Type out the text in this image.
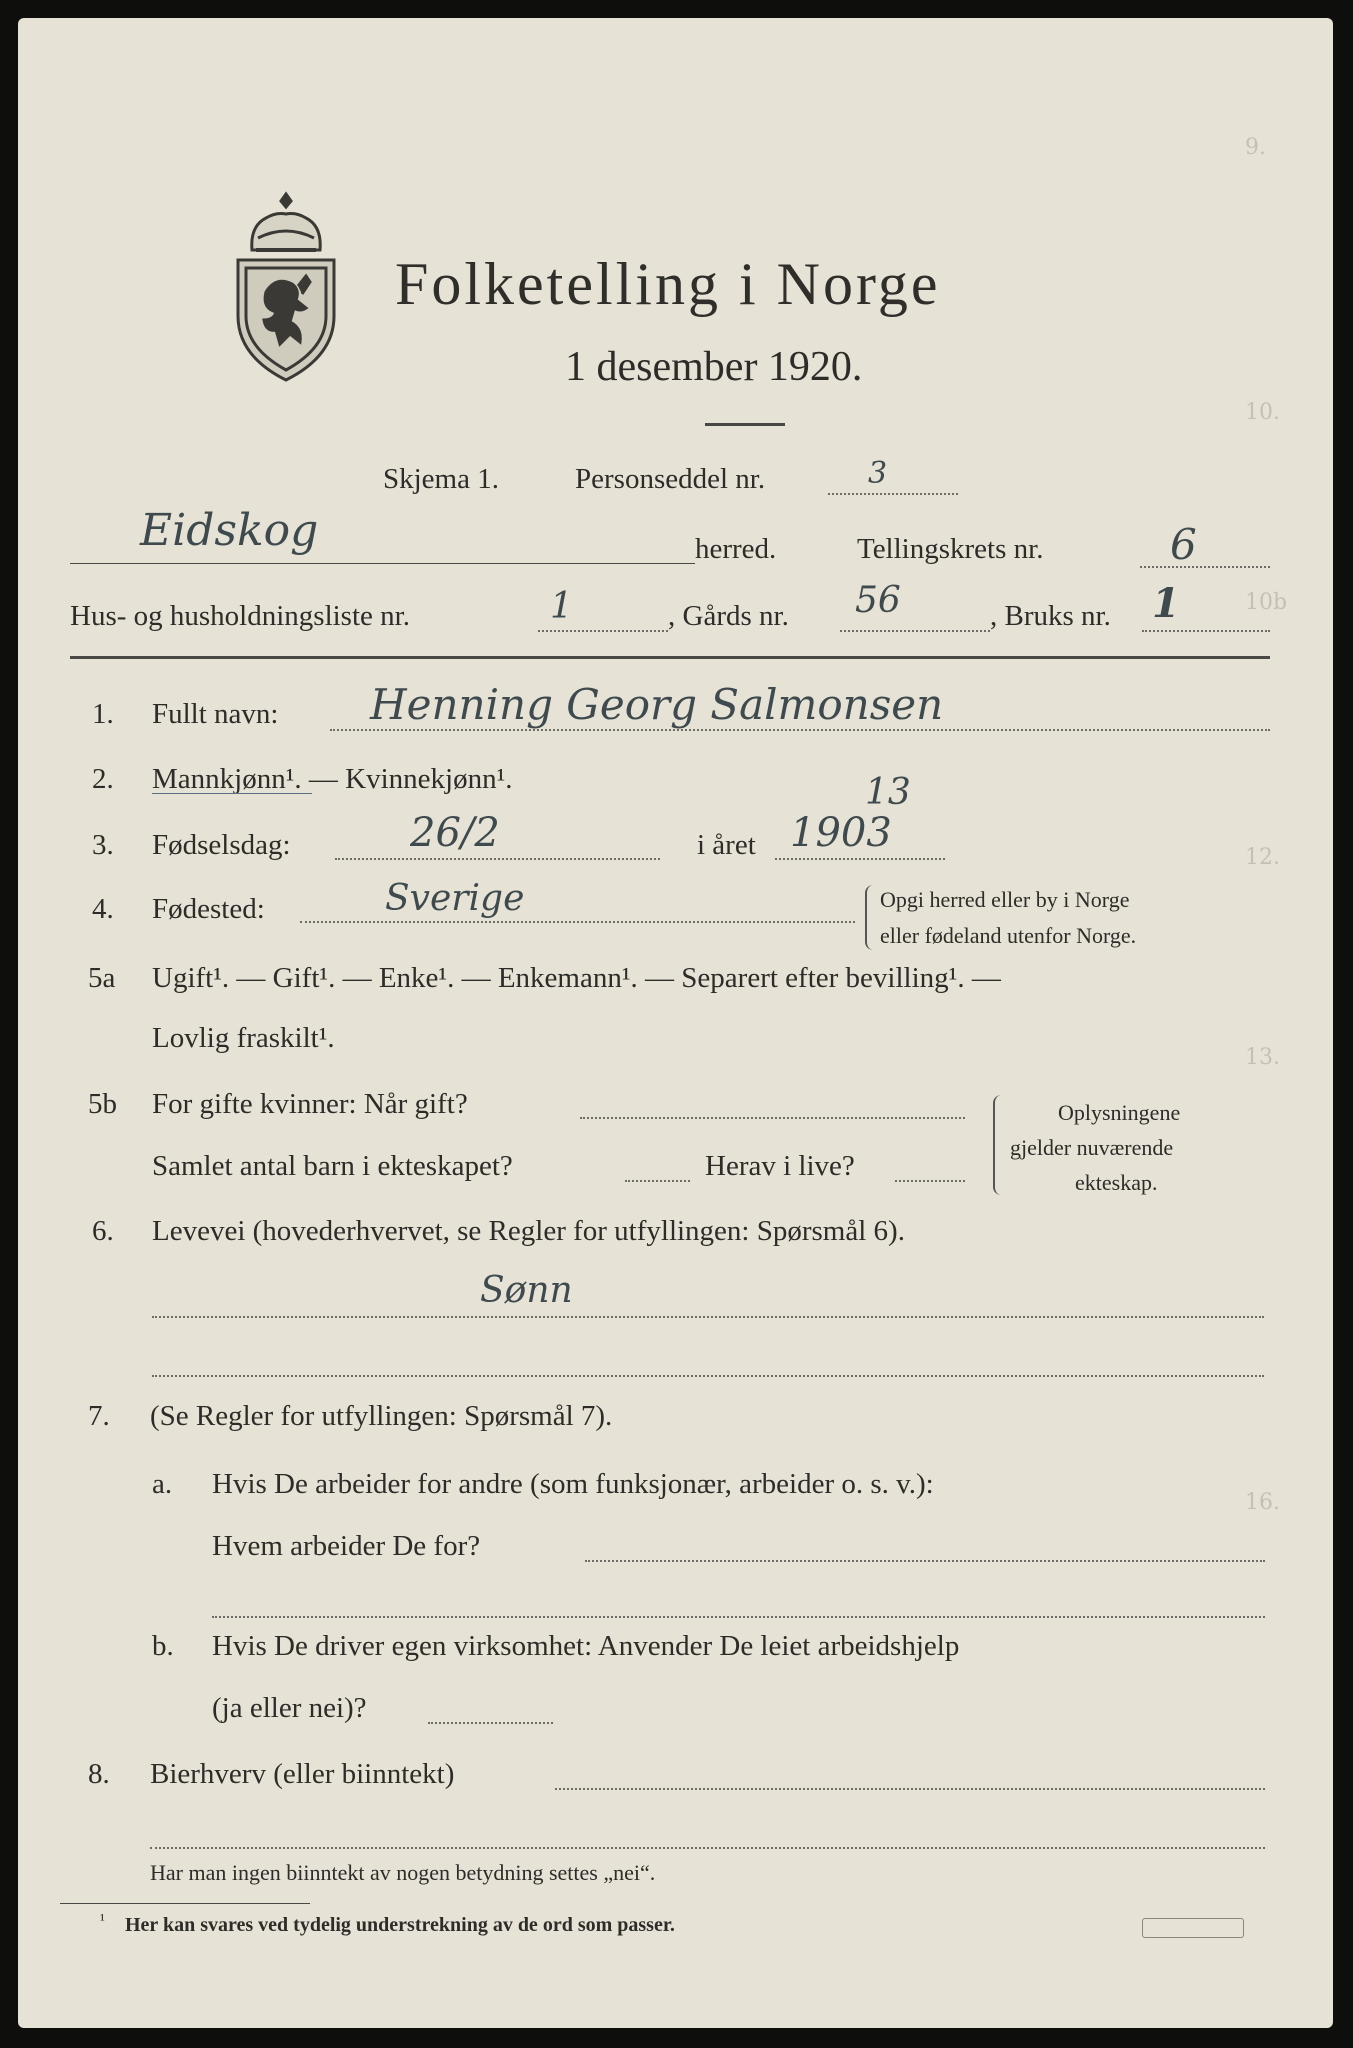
9.
10.
10b
12.
13.
16.
Folketelling i Norge
1 desember 1920.
Skjema 1.	Personseddel nr.	3
Eidskog	herred.	Tellingskrets nr.	6
Hus- og husholdningsliste nr.	1	, Gårds nr. 56	, Bruks nr. 1
1. Fullt navn: Henning Georg Salmonsen
2. Mannkjønn¹. — Kvinnekjønn¹.
3. Fødselsdag:	26/2	i året 1903
13
4. Fødested:	Sverige	Opgi herred eller by i Norge
eller fødeland utenfor Norge.
5a Ugift¹. — Gift¹. — Enke¹. — Enkemann¹. — Separert efter bevilling¹. —
Lovlig fraskilt¹.
5b For gifte kvinner: Når gift?
Samlet antal barn i ekteskapet?	Herav i live?
Oplysningene
gjelder nuværende
ekteskap.
6. Levevei (hovederhvervet, se Regler for utfyllingen: Spørsmål 6).
Sønn
7. (Se Regler for utfyllingen: Spørsmål 7).
a. Hvis De arbeider for andre (som funksjonær, arbeider o. s. v.):
Hvem arbeider De for?
b. Hvis De driver egen virksomhet: Anvender De leiet arbeidshjelp
(ja eller nei)?
8. Bierhverv (eller biinntekt)
Har man ingen biinntekt av nogen betydning settes „nei“.
¹ Her kan svares ved tydelig understrekning av de ord som passer.
